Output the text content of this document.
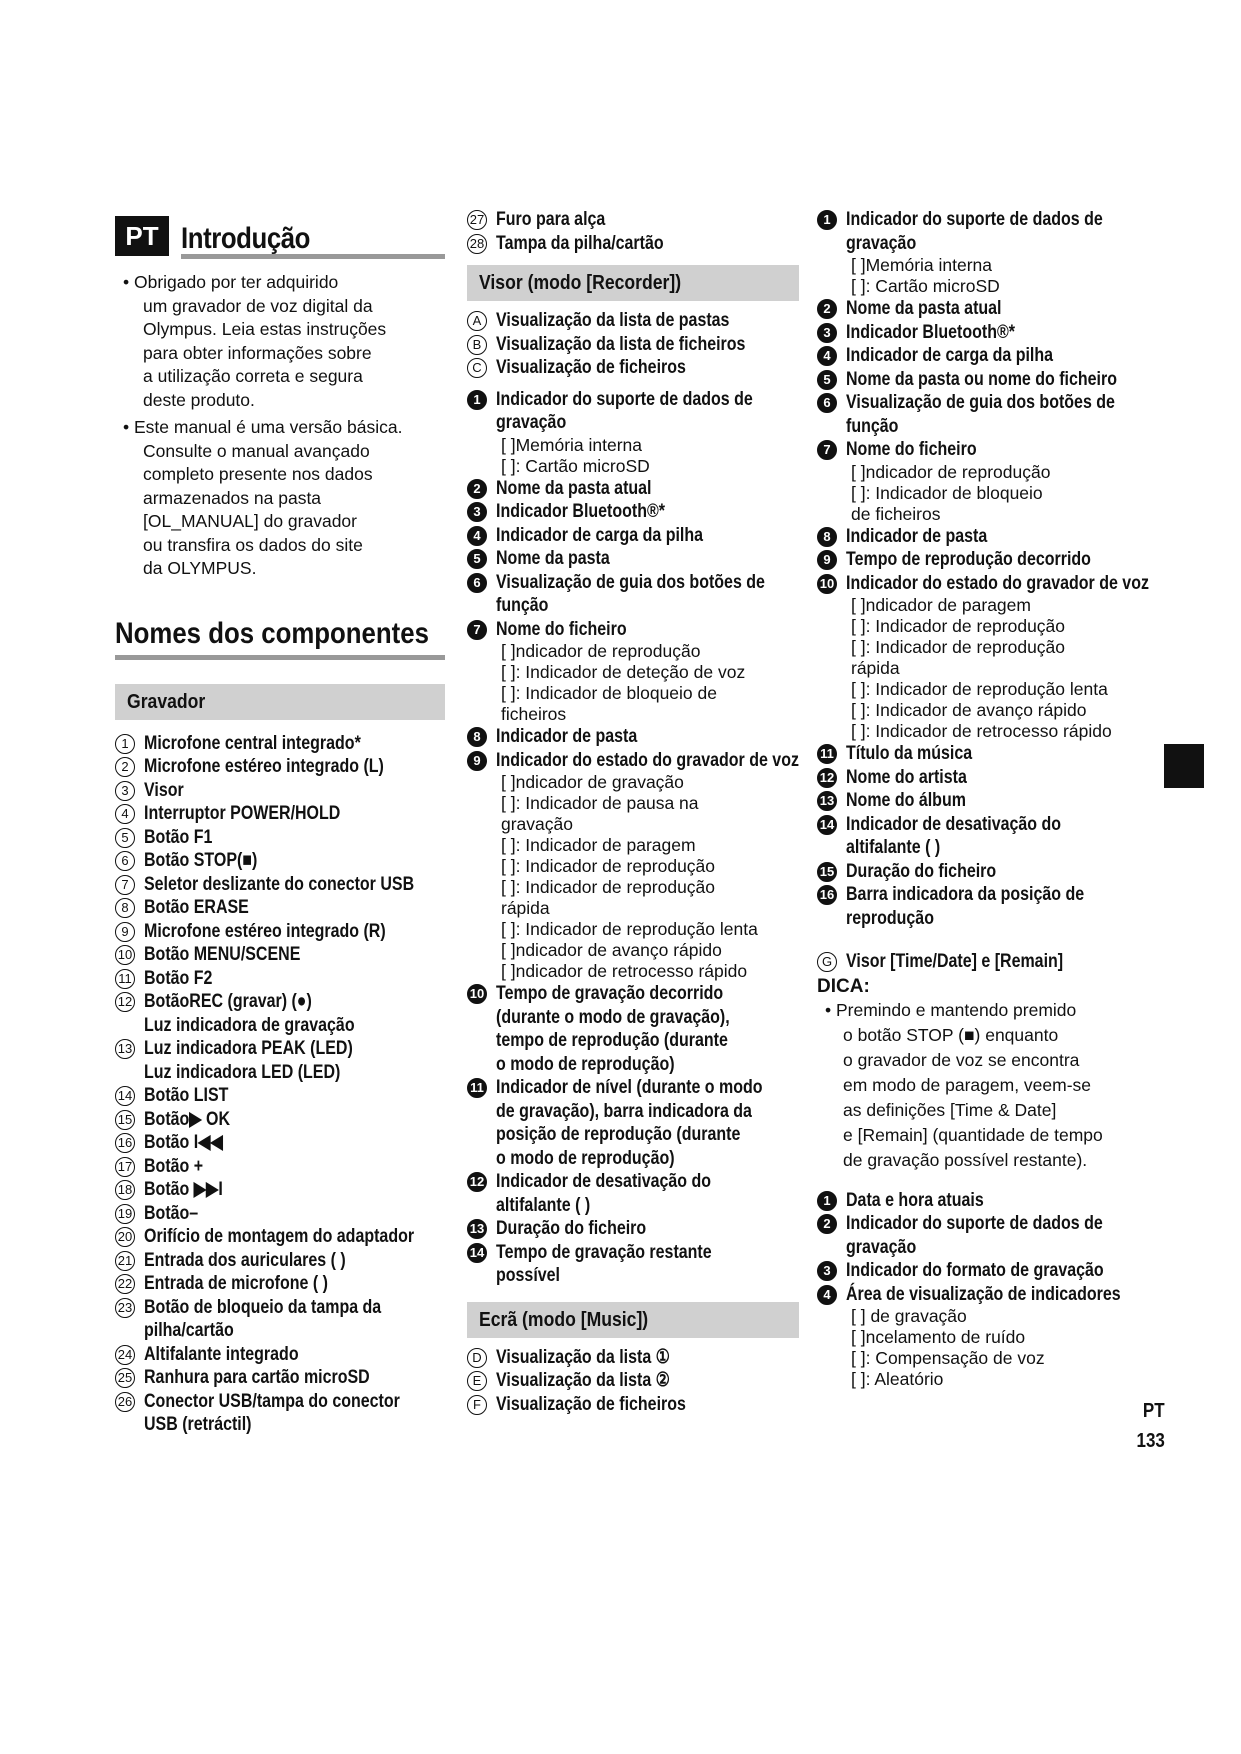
PT Introdução
• Obrigado por ter adquirido
um gravador de voz digital da
Olympus. Leia estas instruções
para obter informações sobre
a utilização correta e segura
deste produto.
• Este manual é uma versão básica.
Consulte o manual avançado
completo presente nos dados
armazenados na pasta
[OL_MANUAL] do gravador
ou transfira os dados do site
da OLYMPUS.
Nomes dos componentes
Gravador
1 Microfone central integrado*
2 Microfone estéreo integrado (L)
3 Visor
4 Interruptor POWER/HOLD
5 Botão F1
6 Botão STOP(■)
7 Seletor deslizante do conector USB
8 Botão ERASE
9 Microfone estéreo integrado (R)
10 Botão MENU/SCENE
11 Botão F2
12 BotãoREC (gravar) (●)
Luz indicadora de gravação
13 Luz indicadora PEAK (LED)
Luz indicadora LED (LED)
14 Botão LIST
15 Botão▶ OK
16 Botão I◀◀
17 Botão +
18 Botão ▶▶I
19 Botão–
20 Orifício de montagem do adaptador
21 Entrada dos auriculares ( )
22 Entrada de microfone ( )
23 Botão de bloqueio da tampa da
pilha/cartão
24 Altifalante integrado
25 Ranhura para cartão microSD
26 Conector USB/tampa do conector
USB (retráctil)
27 Furo para alça
28 Tampa da pilha/cartão
Visor (modo [Recorder])
A Visualização da lista de pastas
B Visualização da lista de ficheiros
C Visualização de ficheiros
1 Indicador do suporte de dados de
gravação
[ ]Memória interna
[ ]: Cartão microSD
2 Nome da pasta atual
3 Indicador Bluetooth®*
4 Indicador de carga da pilha
5 Nome da pasta
6 Visualização de guia dos botões de
função
7 Nome do ficheiro
[ ]ndicador de reprodução
[ ]: Indicador de deteção de voz
[ ]: Indicador de bloqueio de
ficheiros
8 Indicador de pasta
9 Indicador do estado do gravador de voz
[ ]ndicador de gravação
[ ]: Indicador de pausa na
gravação
[ ]: Indicador de paragem
[ ]: Indicador de reprodução
[ ]: Indicador de reprodução
rápida
[ ]: Indicador de reprodução lenta
[ ]ndicador de avanço rápido
[ ]ndicador de retrocesso rápido
10 Tempo de gravação decorrido
(durante o modo de gravação),
tempo de reprodução (durante
o modo de reprodução)
11 Indicador de nível (durante o modo
de gravação), barra indicadora da
posição de reprodução (durante
o modo de reprodução)
12 Indicador de desativação do
altifalante ( )
13 Duração do ficheiro
14 Tempo de gravação restante
possível
Ecrã (modo [Music])
D Visualização da lista ①
E Visualização da lista ②
F Visualização de ficheiros
1 Indicador do suporte de dados de
gravação
[ ]Memória interna
[ ]: Cartão microSD
2 Nome da pasta atual
3 Indicador Bluetooth®*
4 Indicador de carga da pilha
5 Nome da pasta ou nome do ficheiro
6 Visualização de guia dos botões de
função
7 Nome do ficheiro
[ ]ndicador de reprodução
[ ]: Indicador de bloqueio
de ficheiros
8 Indicador de pasta
9 Tempo de reprodução decorrido
10 Indicador do estado do gravador de voz
[ ]ndicador de paragem
[ ]: Indicador de reprodução
[ ]: Indicador de reprodução
rápida
[ ]: Indicador de reprodução lenta
[ ]: Indicador de avanço rápido
[ ]: Indicador de retrocesso rápido
11 Título da música
12 Nome do artista
13 Nome do álbum
14 Indicador de desativação do
altifalante ( )
15 Duração do ficheiro
16 Barra indicadora da posição de
reprodução
G Visor [Time/Date] e [Remain]
DICA:
• Premindo e mantendo premido
o botão STOP (■) enquanto
o gravador de voz se encontra
em modo de paragem, veem-se
as definições [Time & Date]
e [Remain] (quantidade de tempo
de gravação possível restante).
1 Data e hora atuais
2 Indicador do suporte de dados de
gravação
3 Indicador do formato de gravação
4 Área de visualização de indicadores
[ ] de gravação
[ ]ncelamento de ruído
[ ]: Compensação de voz
[ ]: Aleatório
PT
133
